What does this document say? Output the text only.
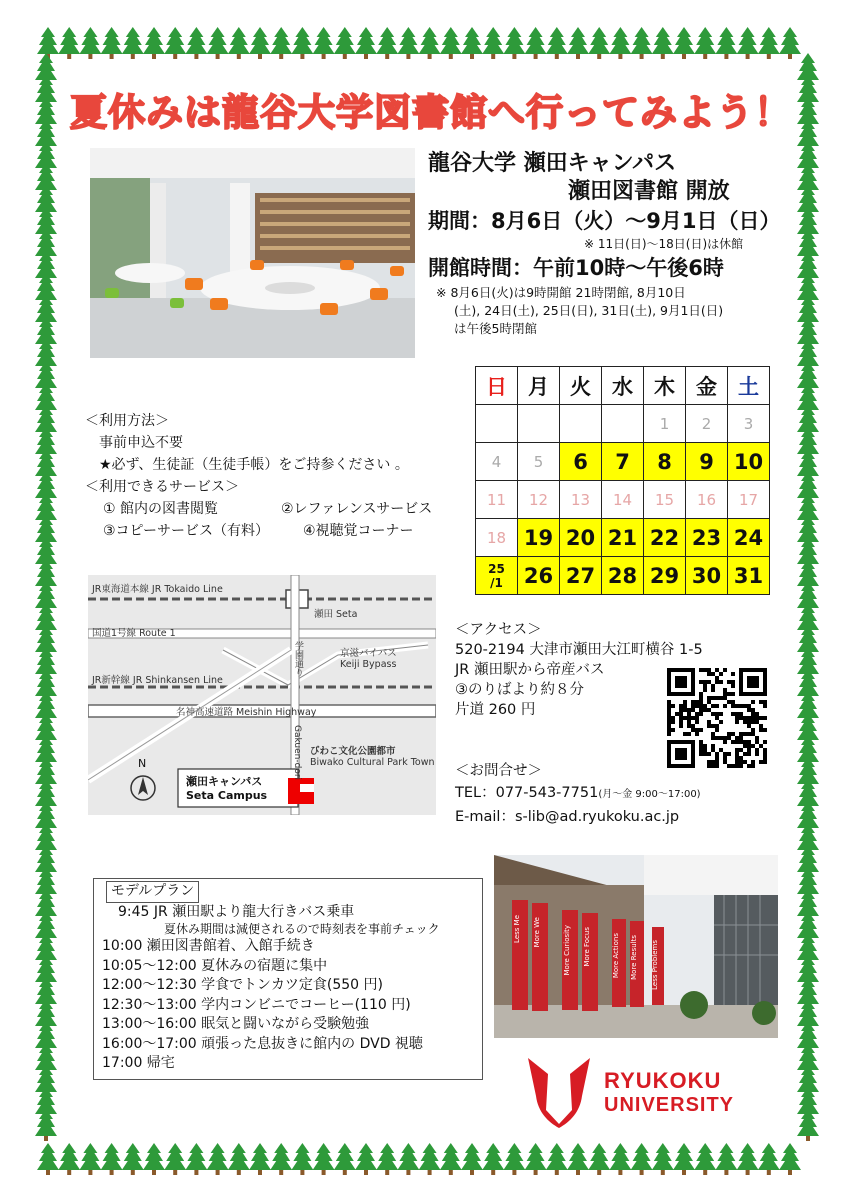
夏休みは龍谷大学図書館へ行ってみよう！
龍谷大学 瀬田キャンパス
瀬田図書館 開放
期間：8月6日（火）～9月1日（日）
※ 11日(日)～18日(日)は休館
開館時間：午前10時～午後6時
※ 8月6日(火)は9時開館 21時閉館, 8月10日
(土), 24日(土), 25日(日), 31日(土), 9月1日(日)
は午後5時閉館
＜利用方法＞
事前申込不要
★必ず、生徒証（生徒手帳）をご持参ください 。
＜利用できるサービス＞
① 館内の図書閲覧	②レファレンスサービス
③コピーサービス（有料） ④視聴覚コーナー
日	月	火	水	木	金	土
				1	2	3
4	5	6	7	8	9	10
11	12	13	14	15	16	17
18	19	20	21	22	23	24
25
/1	26	27	28	29	30	31
JR東海道本線 JR Tokaido Line
瀬田 Seta
国道1号線 Route 1
京滋バイパス
Keiji Bypass
JR新幹線 JR Shinkansen Line
名神高速道路 Meishin Highway
学園通り
Gakuen-dori びわこ文化公園都市
Biwako Cultural Park Town
瀬田キャンパス
Seta Campus
N
＜アクセス＞
520-2194 大津市瀬田大江町横谷 1-5
JR 瀬田駅から帝産バス
③のりばより約８分
片道 260 円
＜お問合せ＞
TEL：077-543-7751(月～金 9:00～17:00)
E-mail：s-lib@ad.ryukoku.ac.jp
モデルプラン
9:45 JR 瀬田駅より龍大行きバス乗車
夏休み期間は減便されるので時刻表を事前チェック
10:00 瀬田図書館着、入館手続き
10:05～12:00 夏休みの宿題に集中
12:00～12:30 学食でトンカツ定食(550 円)
12:30～13:00 学内コンビニでコーヒー(110 円)
13:00～16:00 眠気と闘いながら受験勉強
16:00～17:00 頑張った息抜きに館内の DVD 視聴
17:00 帰宅
Less Me More We	More Curiosity More Focus	More Actions More Results Less Problems
RYUKOKU
UNIVERSITY
